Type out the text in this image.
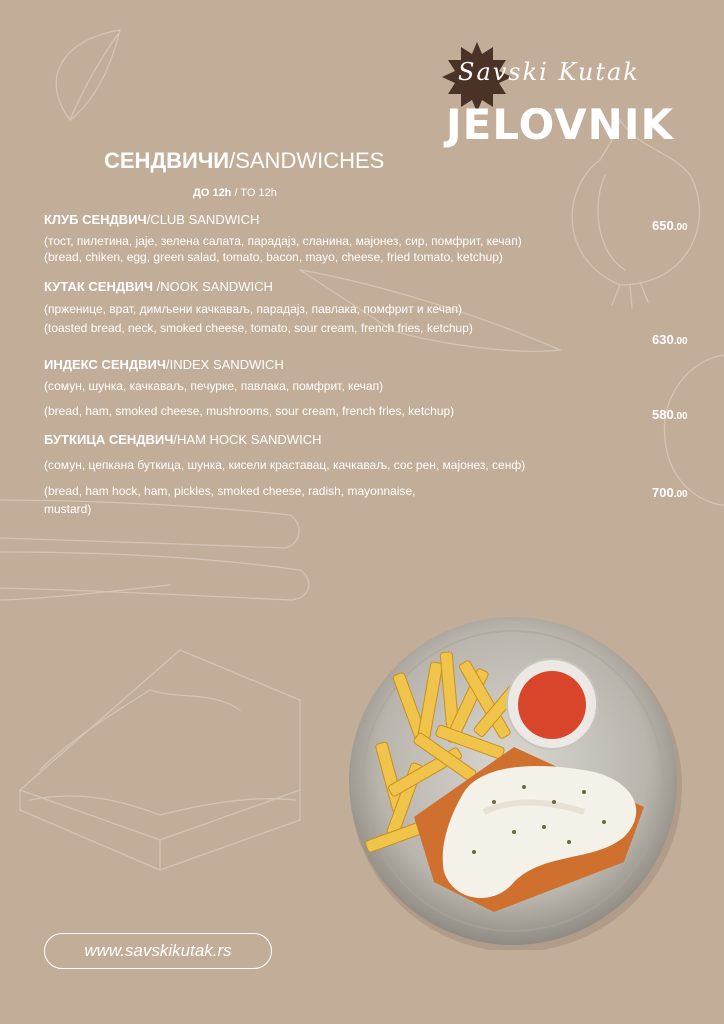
Savski Kutak
JELOVNIK
СЕНДВИЧИ/SANDWICHES
ДО 12h / TO 12h
КЛУБ СЕНДВИЧ/CLUB SANDWICH
(тост, пилетина, јаје, зелена салата, парадајз, сланина, мајонез, сир, помфрит, кечап)
(bread, chiken, egg, green salad, tomato, bacon, mayo, cheese, fried tomato, ketchup)
650.00
КУТАК СЕНДВИЧ /NOOK SANDWICH
(прженице, врат, димљени качкаваљ, парадајз, павлака, помфрит и кечап)
(toasted bread, neck, smoked cheese, tomato, sour cream, french fries, ketchup)
630.00
ИНДЕКС СЕНДВИЧ/INDEX SANDWICH
(сомун, шунка, качкаваљ, печурке, павлака, помфрит, кечап)
(bread, ham, smoked cheese, mushrooms, sour cream, french fries, ketchup)	580.00
БУТКИЦА СЕНДВИЧ/HAM HOCK SANDWICH
(сомун, цепкана буткица, шунка, кисели краставац, качкаваљ, сос рен, мајонез, сенф)
(bread, ham hock, ham, pickles, smoked cheese, radish, mayonnaise,
mustard)
700.00
www.savskikutak.rs
